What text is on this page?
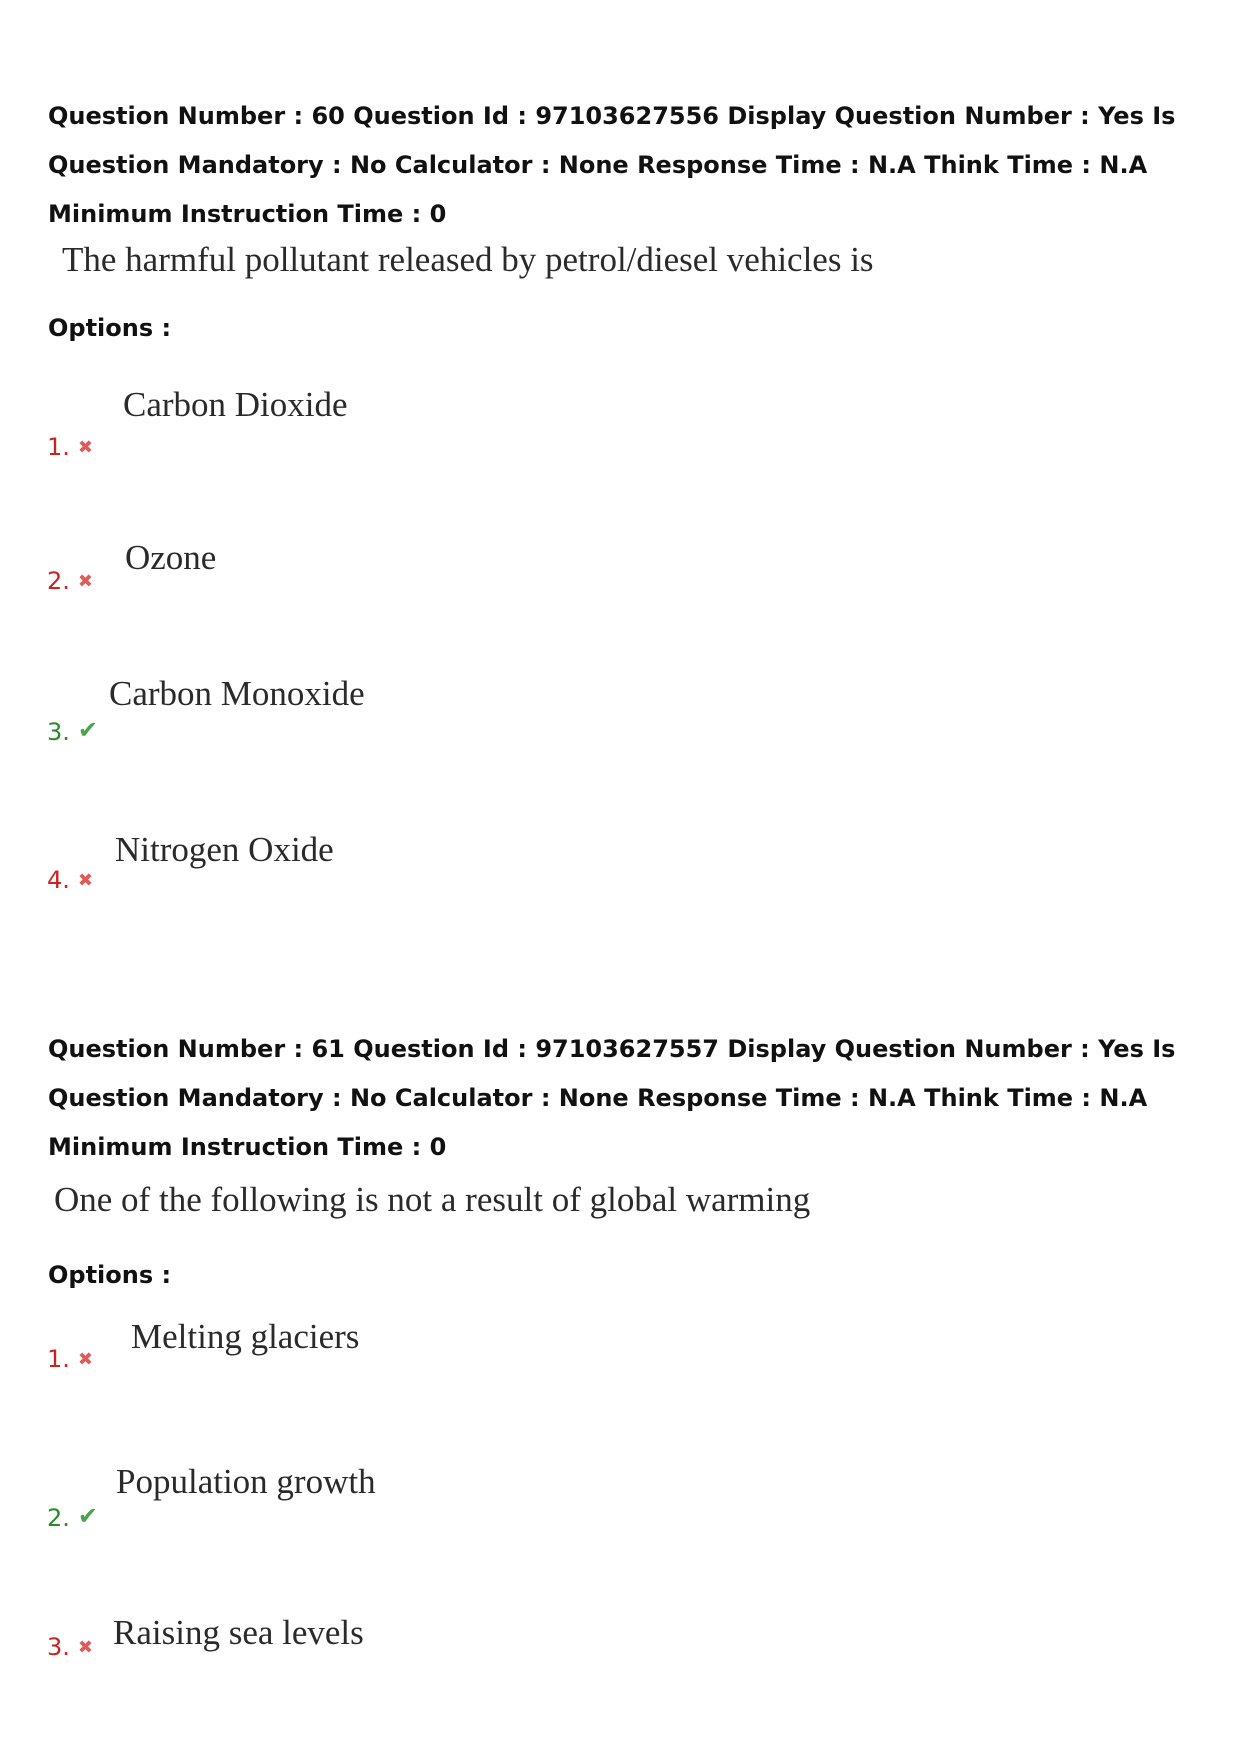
Question Number : 60 Question Id : 97103627556 Display Question Number : Yes Is Question Mandatory : No Calculator : None Response Time : N.A Think Time : N.A Minimum Instruction Time : 0
The harmful pollutant released by petrol/diesel vehicles is
Options :
1. ✖
Carbon Dioxide
2. ✖
Ozone
3. ✔
Carbon Monoxide
4. ✖
Nitrogen Oxide
Question Number : 61 Question Id : 97103627557 Display Question Number : Yes Is Question Mandatory : No Calculator : None Response Time : N.A Think Time : N.A Minimum Instruction Time : 0
One of the following is not a result of global warming
Options :
1. ✖
Melting glaciers
2. ✔
Population growth
3. ✖ Raising sea levels
